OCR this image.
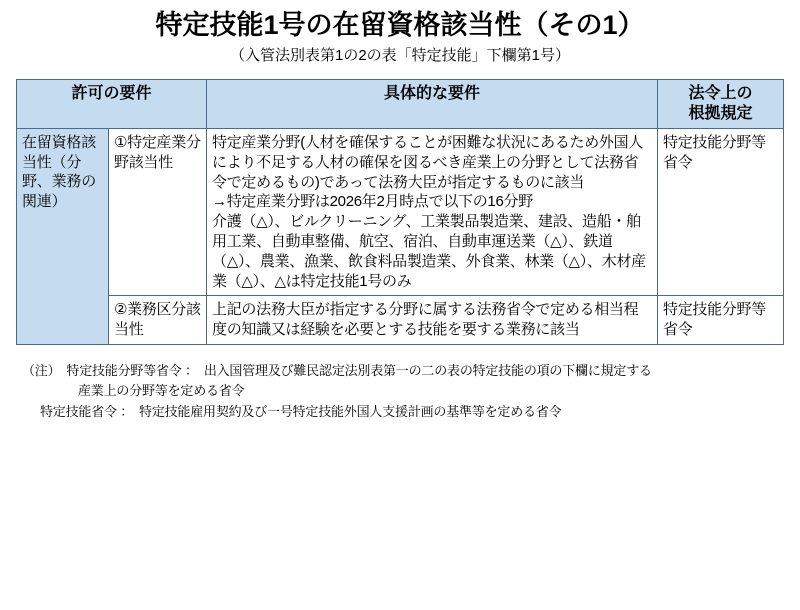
特定技能1号の在留資格該当性（その1）
（入管法別表第1の2の表「特定技能」下欄第1号）
許可の要件		具体的な要件	法令上の
根拠規定

在留資格該当性（分野、業務の関連）	①特定産業分野該当性	特定産業分野(人材を確保することが困難な状況にあるため外国人により不足する人材の確保を図るべき産業上の分野として法務省令で定めるもの)であって法務大臣が指定するものに該当

→特定産業分野は2026年2月時点で以下の16分野

介護（△）、ビルクリーニング、工業製品製造業、建設、造船・舶用工業、自動車整備、航空、宿泊、自動車運送業（△）、鉄道（△）、農業、漁業、飲食料品製造業、外食業、林業（△）、木材産業（△）、△は特定技能1号のみ	特定技能分野等省令
	②業務区分該当性	上記の法務大臣が指定する分野に属する法務省令で定める相当程度の知識又は経験を必要とする技能を要する業務に該当	特定技能分野等省令
（注） 特定技能分野等省令 ： 出入国管理及び難民認定法別表第一の二の表の特定技能の項の下欄に規定する
産業上の分野等を定める省令
特定技能省令 ： 特定技能雇用契約及び一号特定技能外国人支援計画の基準等を定める省令
